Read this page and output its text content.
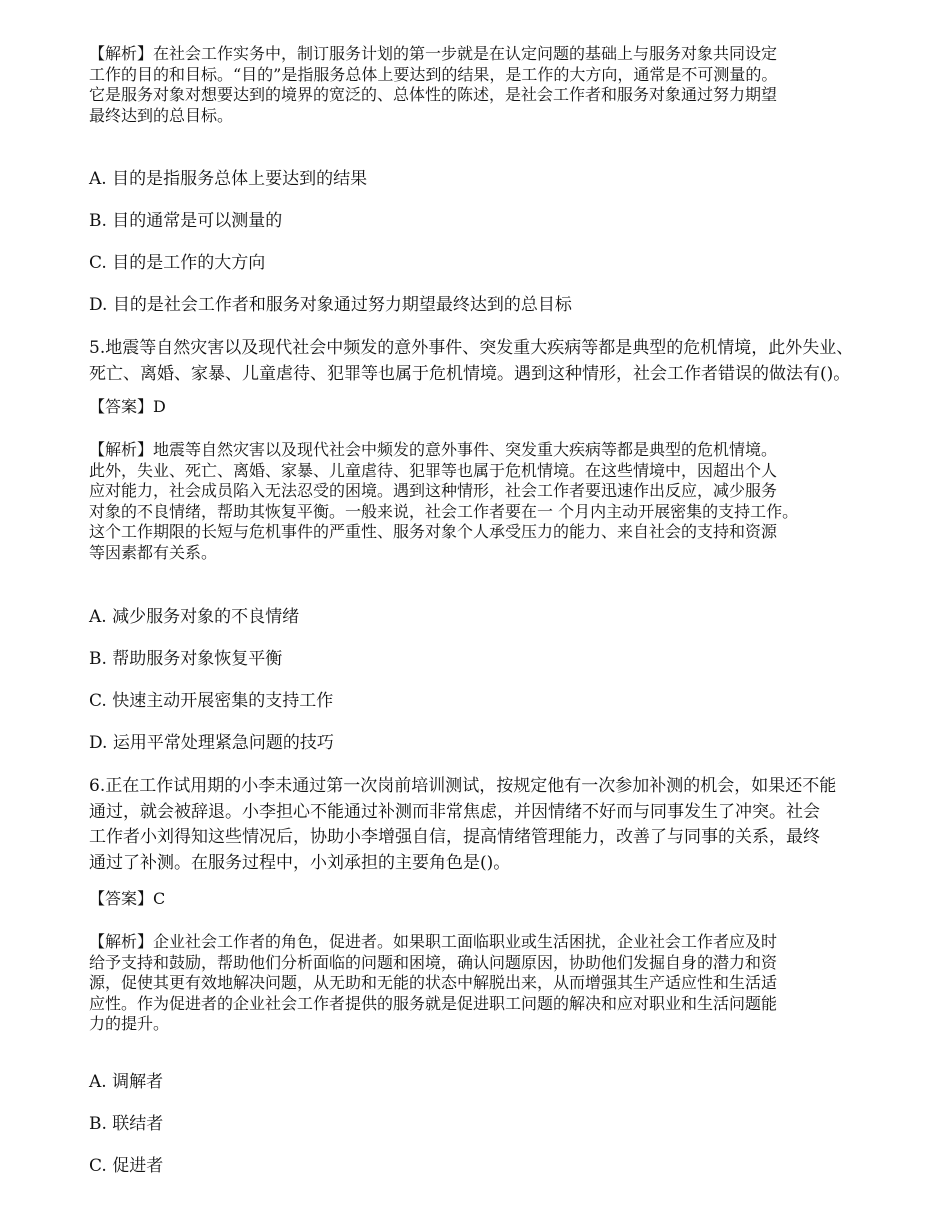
【解析】在社会工作实务中，制订服务计划的第一步就是在认定问题的基础上与服务对象共同设定
工作的目的和目标。“目的”是指服务总体上要达到的结果，是工作的大方向，通常是不可测量的。
它是服务对象对想要达到的境界的宽泛的、总体性的陈述，是社会工作者和服务对象通过努力期望
最终达到的总目标。

A. 目的是指服务总体上要达到的结果

B. 目的通常是可以测量的

C. 目的是工作的大方向

D. 目的是社会工作者和服务对象通过努力期望最终达到的总目标

5.地震等自然灾害以及现代社会中频发的意外事件、突发重大疾病等都是典型的危机情境，此外失业、
死亡、离婚、家暴、儿童虐待、犯罪等也属于危机情境。遇到这种情形，社会工作者错误的做法有()。

【答案】D

【解析】地震等自然灾害以及现代社会中频发的意外事件、突发重大疾病等都是典型的危机情境。
此外，失业、死亡、离婚、家暴、儿童虐待、犯罪等也属于危机情境。在这些情境中，因超出个人
应对能力，社会成员陷入无法忍受的困境。遇到这种情形，社会工作者要迅速作出反应，减少服务
对象的不良情绪，帮助其恢复平衡。一般来说，社会工作者要在一 个月内主动开展密集的支持工作。
这个工作期限的长短与危机事件的严重性、服务对象个人承受压力的能力、来自社会的支持和资源
等因素都有关系。

A. 减少服务对象的不良情绪

B. 帮助服务对象恢复平衡

C. 快速主动开展密集的支持工作

D. 运用平常处理紧急问题的技巧

6.正在工作试用期的小李未通过第一次岗前培训测试，按规定他有一次参加补测的机会，如果还不能
通过，就会被辞退。小李担心不能通过补测而非常焦虑，并因情绪不好而与同事发生了冲突。社会
工作者小刘得知这些情况后，协助小李增强自信，提高情绪管理能力，改善了与同事的关系，最终
通过了补测。在服务过程中，小刘承担的主要角色是()。

【答案】C

【解析】企业社会工作者的角色，促进者。如果职工面临职业或生活困扰，企业社会工作者应及时
给予支持和鼓励，帮助他们分析面临的问题和困境，确认问题原因，协助他们发掘自身的潜力和资
源，促使其更有效地解决问题，从无助和无能的状态中解脱出来，从而增强其生产适应性和生活适
应性。作为促进者的企业社会工作者提供的服务就是促进职工问题的解决和应对职业和生活问题能
力的提升。

A. 调解者

B. 联结者

C. 促进者
